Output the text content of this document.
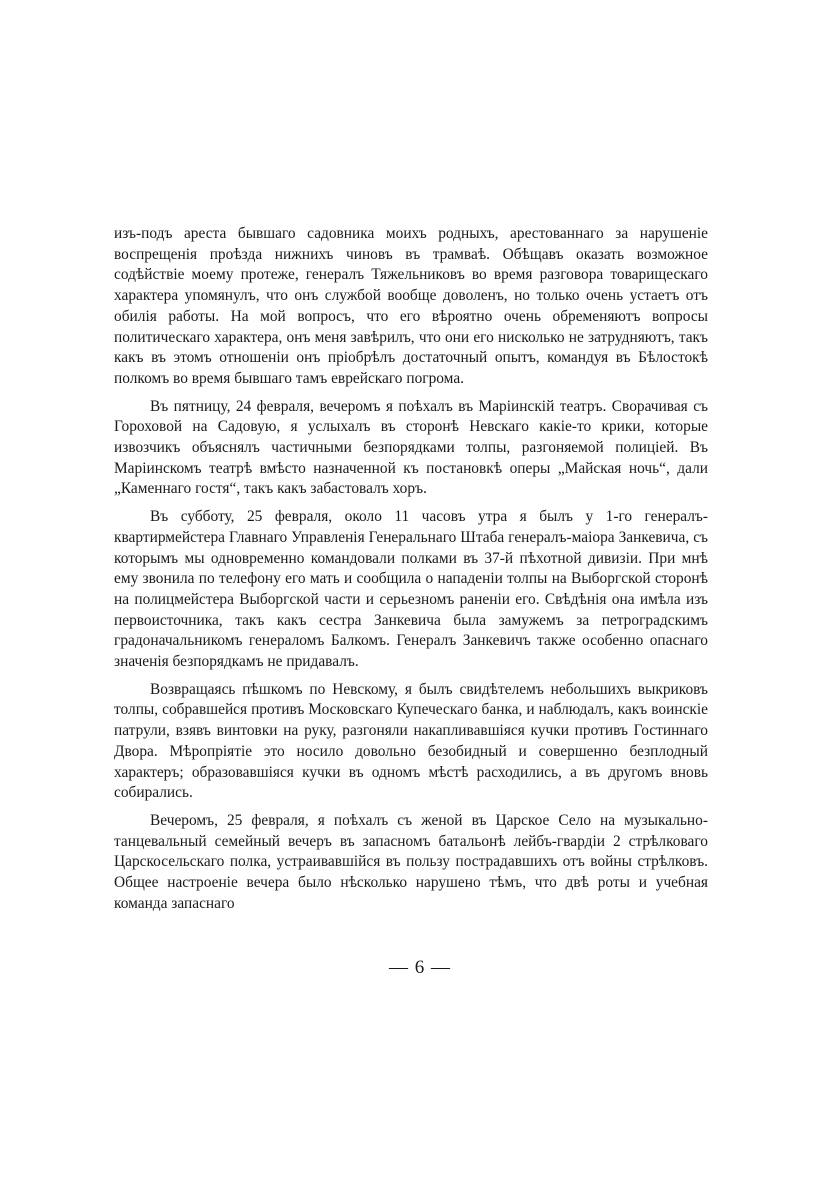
изъ-подъ ареста бывшаго садовника моихъ родныхъ, арестованнаго за нарушеніе воспрещенія проѣзда нижнихъ чиновъ въ трамваѣ. Обѣщавъ оказать возможное содѣйствіе моему протеже, генералъ Тяжельниковъ во время разговора товарищескаго характера упомянулъ, что онъ службой вообще доволенъ, но только очень устаетъ отъ обилія работы. На мой вопросъ, что его вѣроятно очень обременяютъ вопросы политическаго характера, онъ меня завѣрилъ, что они его нисколько не затрудняютъ, такъ какъ въ этомъ отношеніи онъ пріобрѣлъ достаточный опытъ, командуя въ Бѣлостокѣ полкомъ во время бывшаго тамъ еврейскаго погрома.

Въ пятницу, 24 февраля, вечеромъ я поѣхалъ въ Маріинскій театръ. Сворачивая съ Гороховой на Садовую, я услыхалъ въ сторонѣ Невскаго какіе-то крики, которые извозчикъ объяснялъ частичными безпорядками толпы, разгоняемой полиціей. Въ Маріинскомъ театрѣ вмѣсто назначенной къ постановкѣ оперы „Майская ночь“, дали „Каменнаго гостя“, такъ какъ забастовалъ хоръ.

Въ субботу, 25 февраля, около 11 часовъ утра я былъ у 1-го генералъ-квартирмейстера Главнаго Управленія Генеральнаго Штаба генералъ-маіора Занкевича, съ которымъ мы одновременно командовали полками въ 37-й пѣхотной дивизіи. При мнѣ ему звонила по телефону его мать и сообщила о нападеніи толпы на Выборгской сторонѣ на полицмейстера Выборгской части и серьезномъ раненіи его. Свѣдѣнія она имѣла изъ первоисточника, такъ какъ сестра Занкевича была замужемъ за петроградскимъ градоначальникомъ генераломъ Балкомъ. Генералъ Занкевичъ также особенно опаснаго значенія безпорядкамъ не придавалъ.

Возвращаясь пѣшкомъ по Невскому, я былъ свидѣтелемъ небольшихъ выкриковъ толпы, собравшейся противъ Московскаго Купеческаго банка, и наблюдалъ, какъ воинскіе патрули, взявъ винтовки на руку, разгоняли накапливавшіяся кучки противъ Гостиннаго Двора. Мѣропріятіе это носило довольно безобидный и совершенно безплодный характеръ; образовавшіяся кучки въ одномъ мѣстѣ расходились, а въ другомъ вновь собирались.

Вечеромъ, 25 февраля, я поѣхалъ съ женой въ Царское Село на музыкально-танцевальный семейный вечеръ въ запасномъ батальонѣ лейбъ-гвардіи 2 стрѣлковаго Царскосельскаго полка, устраивавшійся въ пользу пострадавшихъ отъ войны стрѣлковъ. Общее настроеніе вечера было нѣсколько нарушено тѣмъ, что двѣ роты и учебная команда запаснаго

— 6 —
